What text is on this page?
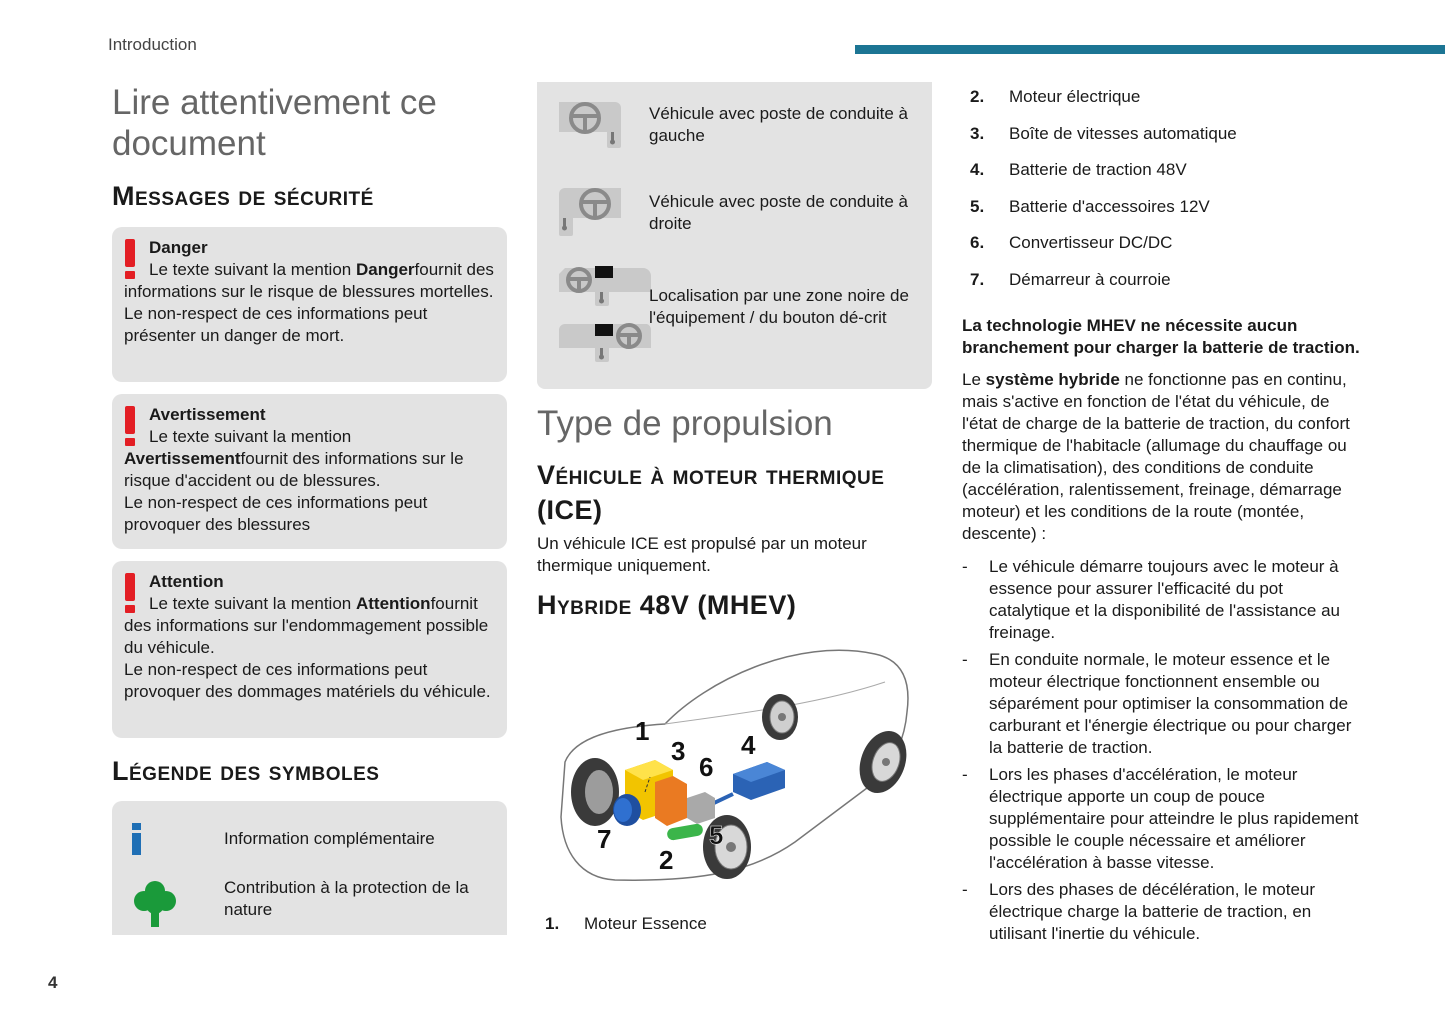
Introduction
4
Lire attentivement ce document
Messages de sécurité
Danger
Le texte suivant la mention Dangerfournit des informations sur le risque de blessures mortelles.
Le non-respect de ces informations peut présenter un danger de mort.
Avertissement
Le texte suivant la mention Avertissementfournit des informations sur le risque d'accident ou de blessures.
Le non-respect de ces informations peut provoquer des blessures
Attention
Le texte suivant la mention Attentionfournit des informations sur l'endommagement possible du véhicule.
Le non-respect de ces informations peut provoquer des dommages matériels du véhicule.
Légende des symboles
Information complémentaire
Contribution à la protection de la nature
Véhicule avec poste de conduite à gauche
Véhicule avec poste de conduite à droite
Localisation par une zone noire de l'équipement / du bouton dé-crit
Type de propulsion
Véhicule à moteur thermique (ICE)

Un véhicule ICE est propulsé par un moteur thermique uniquement.

Hybride 48V (MHEV)
1
2
3 4
5
6
7
1. Moteur Essence
2. Moteur électrique
3. Boîte de vitesses automatique
4. Batterie de traction 48V
5. Batterie d'accessoires 12V
6. Convertisseur DC/DC
7. Démarreur à courroie

La technologie MHEV ne nécessite aucun branchement pour charger la batterie de traction.

Le système hybride ne fonctionne pas en continu, mais s'active en fonction de l'état du véhicule, de l'état de charge de la batterie de traction, du confort thermique de l'habitacle (allumage du chauffage ou de la climatisation), des conditions de conduite (accélération, ralentissement, freinage, démarrage moteur) et les conditions de la route (montée, descente) :

- Le véhicule démarre toujours avec le moteur à essence pour assurer l'efficacité du pot catalytique et la disponibilité de l'assistance au freinage.
- En conduite normale, le moteur essence et le moteur électrique fonctionnent ensemble ou séparément pour optimiser la consommation de carburant et l'énergie électrique ou pour charger la batterie de traction.
- Lors les phases d'accélération, le moteur électrique apporte un coup de pouce supplémentaire pour atteindre le plus rapidement possible le couple nécessaire et améliorer l'accélération à basse vitesse.
- Lors des phases de décélération, le moteur électrique charge la batterie de traction, en utilisant l'inertie du véhicule.
